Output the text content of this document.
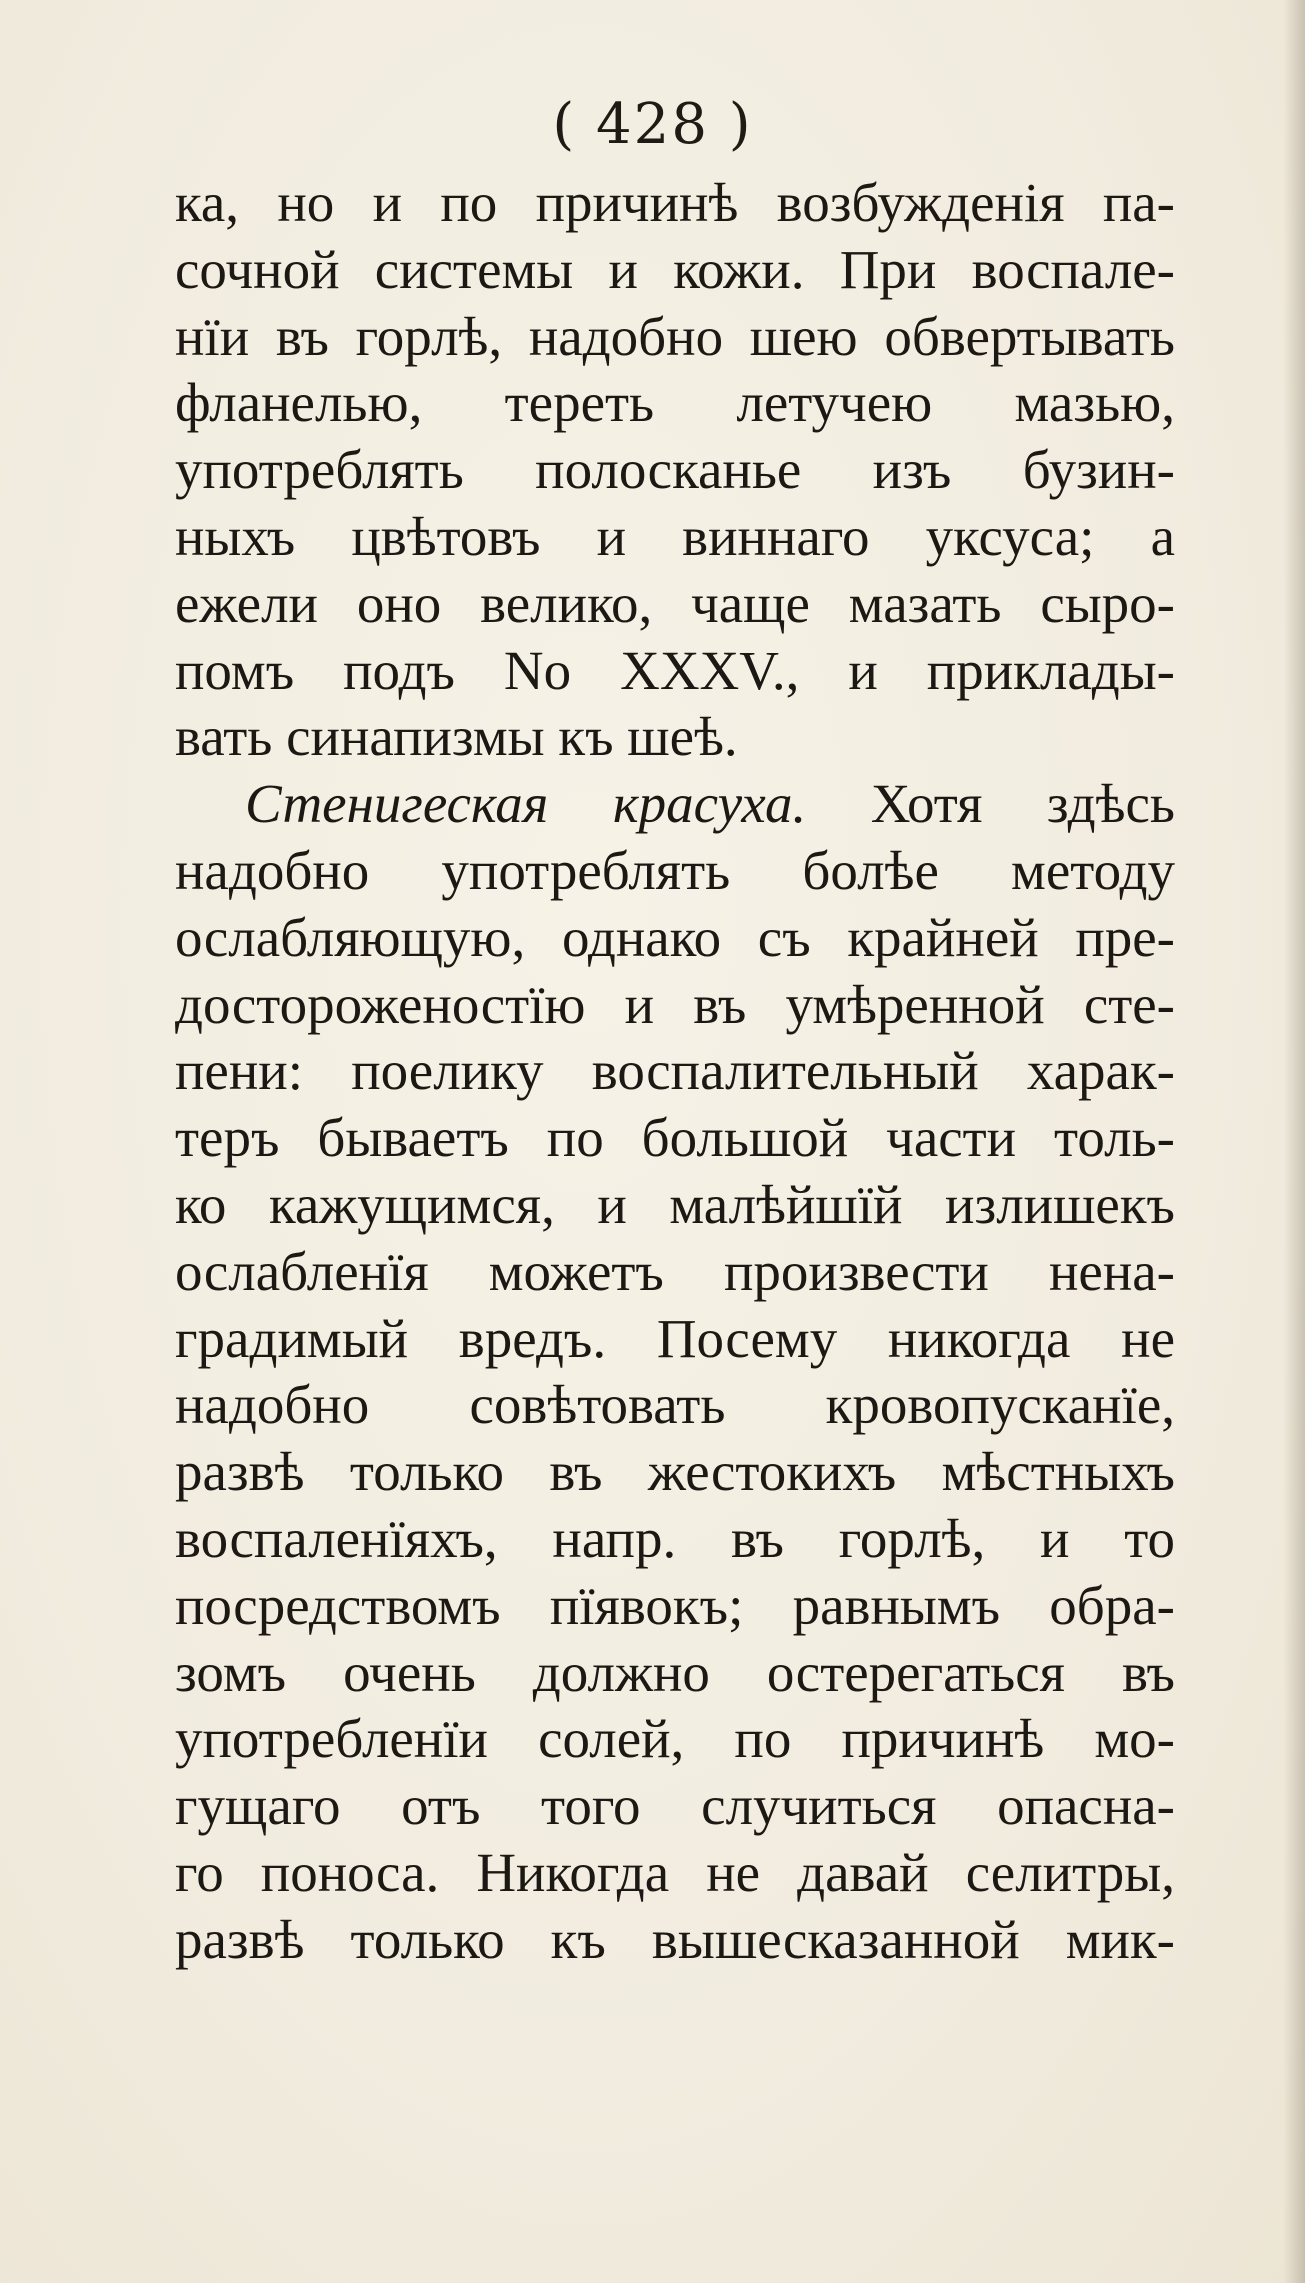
( 428 )
ка, но и по причинѣ возбужденія па-
сочной системы и кожи. При воспале-
нїи въ горлѣ, надобно шею обвертывать
фланелью, тереть летучею мазью,
употреблять полосканье изъ бузин-
ныхъ цвѣтовъ и виннаго уксуса; а
ежели оно велико, чаще мазать сыро-
помъ подъ No XXXV., и приклады-
вать синапизмы къ шеѣ.
Стенигеская красуха. Хотя здѣсь
надобно употреблять болѣе методу
ослабляющую, однако съ крайней пре-
достороженостїю и въ умѣренной сте-
пени: поелику воспалительный харак-
теръ бываетъ по большой части толь-
ко кажущимся, и малѣйшїй излишекъ
ослабленїя можетъ произвести нена-
градимый вредъ. Посему никогда не
надобно совѣтовать кровопусканїе,
развѣ только въ жестокихъ мѣстныхъ
воспаленїяхъ, напр. въ горлѣ, и то
посредствомъ пїявокъ; равнымъ обра-
зомъ очень должно остерегаться въ
употребленїи солей, по причинѣ мо-
гущаго отъ того случиться опасна-
го поноса. Никогда не давай селитры,
развѣ только къ вышесказанной мик-
